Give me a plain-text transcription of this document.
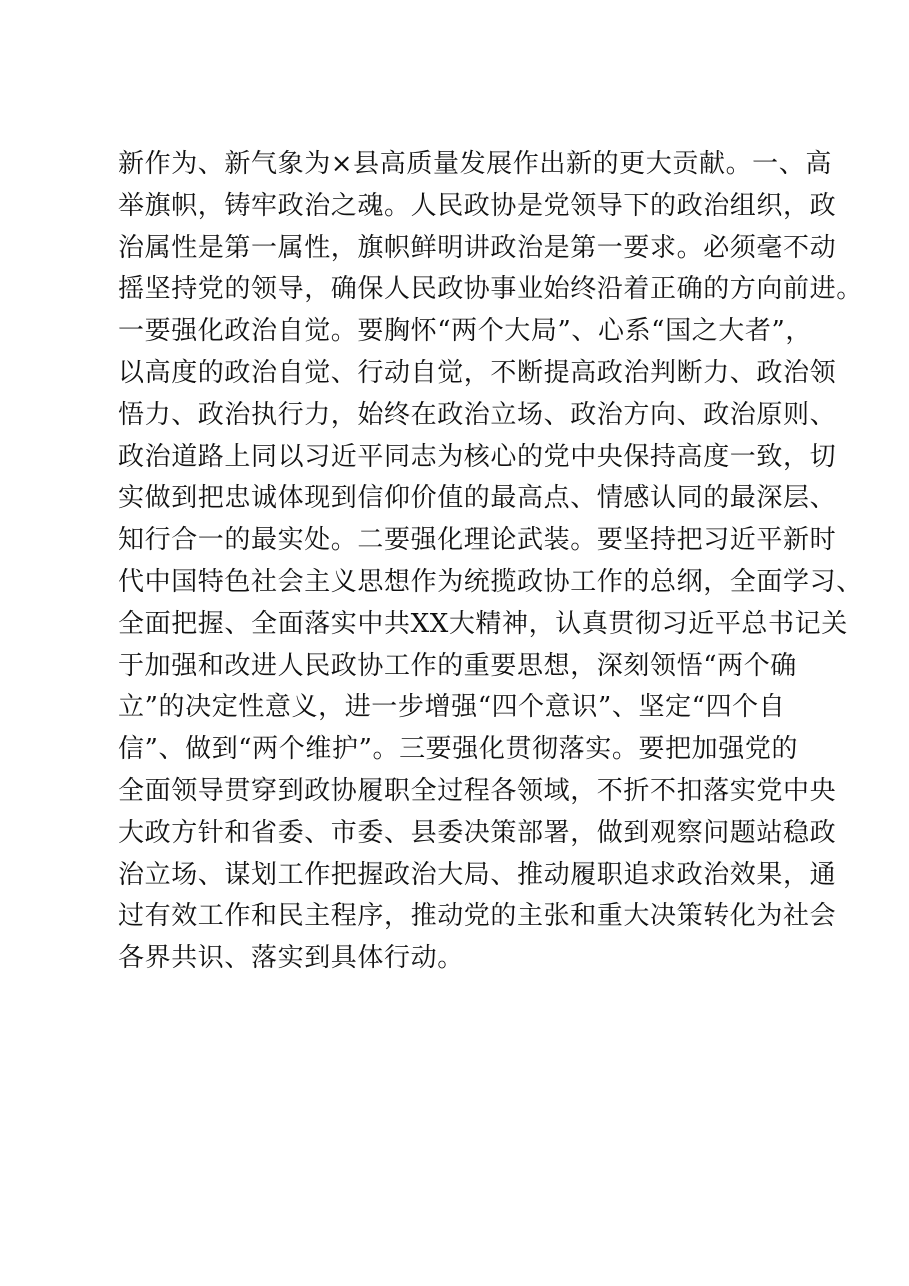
新作为、新气象为×县高质量发展作出新的更大贡献。一、高
举旗帜，铸牢政治之魂。人民政协是党领导下的政治组织，政
治属性是第一属性，旗帜鲜明讲政治是第一要求。必须毫不动
摇坚持党的领导，确保人民政协事业始终沿着正确的方向前进。
一要强化政治自觉。要胸怀“两个大局”、心系“国之大者”，
以高度的政治自觉、行动自觉，不断提高政治判断力、政治领
悟力、政治执行力，始终在政治立场、政治方向、政治原则、
政治道路上同以习近平同志为核心的党中央保持高度一致，切
实做到把忠诚体现到信仰价值的最高点、情感认同的最深层、
知行合一的最实处。二要强化理论武装。要坚持把习近平新时
代中国特色社会主义思想作为统揽政协工作的总纲，全面学习、
全面把握、全面落实中共XX大精神，认真贯彻习近平总书记关
于加强和改进人民政协工作的重要思想，深刻领悟“两个确
立”的决定性意义，进一步增强“四个意识”、坚定“四个自
信”、做到“两个维护”。三要强化贯彻落实。要把加强党的
全面领导贯穿到政协履职全过程各领域，不折不扣落实党中央
大政方针和省委、市委、县委决策部署，做到观察问题站稳政
治立场、谋划工作把握政治大局、推动履职追求政治效果，通
过有效工作和民主程序，推动党的主张和重大决策转化为社会
各界共识、落实到具体行动。
